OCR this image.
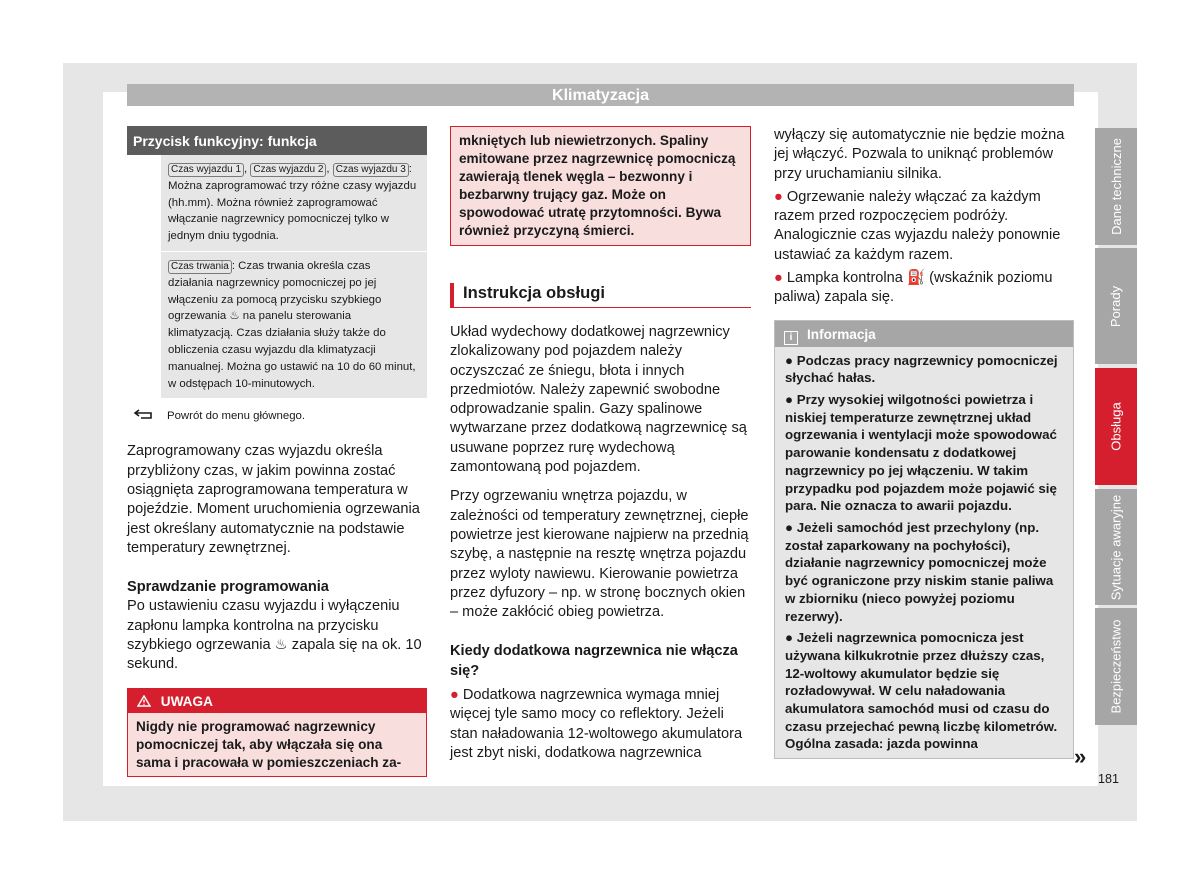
Klimatyzacja
Przycisk funkcyjny: funkcja
Czas wyjazdu 1 , Czas wyjazdu 2 , Czas wyjazdu 3 : Można zaprogramować trzy różne czasy wyjazdu (hh.mm). Można również zaprogramować włączanie nagrzewnicy pomocniczej tylko w jednym dniu tygodnia.
Czas trwania : Czas trwania określa czas działania nagrzewnicy pomocniczej po jej włączeniu za pomocą przycisku szybkiego ogrzewania ♨ na panelu sterowania klimatyzacją. Czas działania służy także do obliczenia czasu wyjazdu dla klimatyzacji manualnej. Można go ustawić na 10 do 60 minut, w odstępach 10-minutowych.
Powrót do menu głównego.

Zaprogramowany czas wyjazdu określa przybliżony czas, w jakim powinna zostać osiągnięta zaprogramowana temperatura w pojeździe. Moment uruchomienia ogrzewania jest określany automatycznie na podstawie temperatury zewnętrznej.

Sprawdzanie programowania

Po ustawieniu czasu wyjazdu i wyłączeniu zapłonu lampka kontrolna na przycisku szybkiego ogrzewania ♨ zapala się na ok. 10 sekund.

UWAGA
Nigdy nie programować nagrzewnicy pomocniczej tak, aby włączała się ona sama i pracowała w pomieszczeniach za-
mkniętych lub niewietrzonych. Spaliny emitowane przez nagrzewnicę pomocniczą zawierają tlenek węgla – bezwonny i bezbarwny trujący gaz. Może on spowodować utratę przytomności. Bywa również przyczyną śmierci.
Instrukcja obsługi

Układ wydechowy dodatkowej nagrzewnicy zlokalizowany pod pojazdem należy oczyszczać ze śniegu, błota i innych przedmiotów. Należy zapewnić swobodne odprowadzanie spalin. Gazy spalinowe wytwarzane przez dodatkową nagrzewnicę są usuwane poprzez rurę wydechową zamontowaną pod pojazdem.

Przy ogrzewaniu wnętrza pojazdu, w zależności od temperatury zewnętrznej, ciepłe powietrze jest kierowane najpierw na przednią szybę, a następnie na resztę wnętrza pojazdu przez wyloty nawiewu. Kierowanie powietrza przez dyfuzory – np. w stronę bocznych okien – może zakłócić obieg powietrza.

Kiedy dodatkowa nagrzewnica nie włącza się?

● Dodatkowa nagrzewnica wymaga mniej więcej tyle samo mocy co reflektory. Jeżeli stan naładowania 12-woltowego akumulatora jest zbyt niski, dodatkowa nagrzewnica

wyłączy się automatycznie nie będzie można jej włączyć. Pozwala to uniknąć problemów przy uruchamianiu silnika.

● Ogrzewanie należy włączać za każdym razem przed rozpoczęciem podróży. Analogicznie czas wyjazdu należy ponownie ustawiać za każdym razem.

● Lampka kontrolna ⛽ (wskaźnik poziomu paliwa) zapala się.

i Informacja

● Podczas pracy nagrzewnicy pomocniczej słychać hałas.

● Przy wysokiej wilgotności powietrza i niskiej temperaturze zewnętrznej układ ogrzewania i wentylacji może spowodować parowanie kondensatu z dodatkowej nagrzewnicy po jej włączeniu. W takim przypadku pod pojazdem może pojawić się para. Nie oznacza to awarii pojazdu.

● Jeżeli samochód jest przechylony (np. został zaparkowany na pochyłości), działanie nagrzewnicy pomocniczej może być ograniczone przy niskim stanie paliwa w zbiorniku (nieco powyżej poziomu rezerwy).

● Jeżeli nagrzewnica pomocnicza jest używana kilkukrotnie przez dłuższy czas, 12-woltowy akumulator będzie się rozładowywał. W celu naładowania akumulatora samochód musi od czasu do czasu przejechać pewną liczbę kilometrów. Ogólna zasada: jazda powinna

Dane techniczne
Porady
Obsługa
Sytuacje awaryjne
Bezpieczeństwo
»
181
